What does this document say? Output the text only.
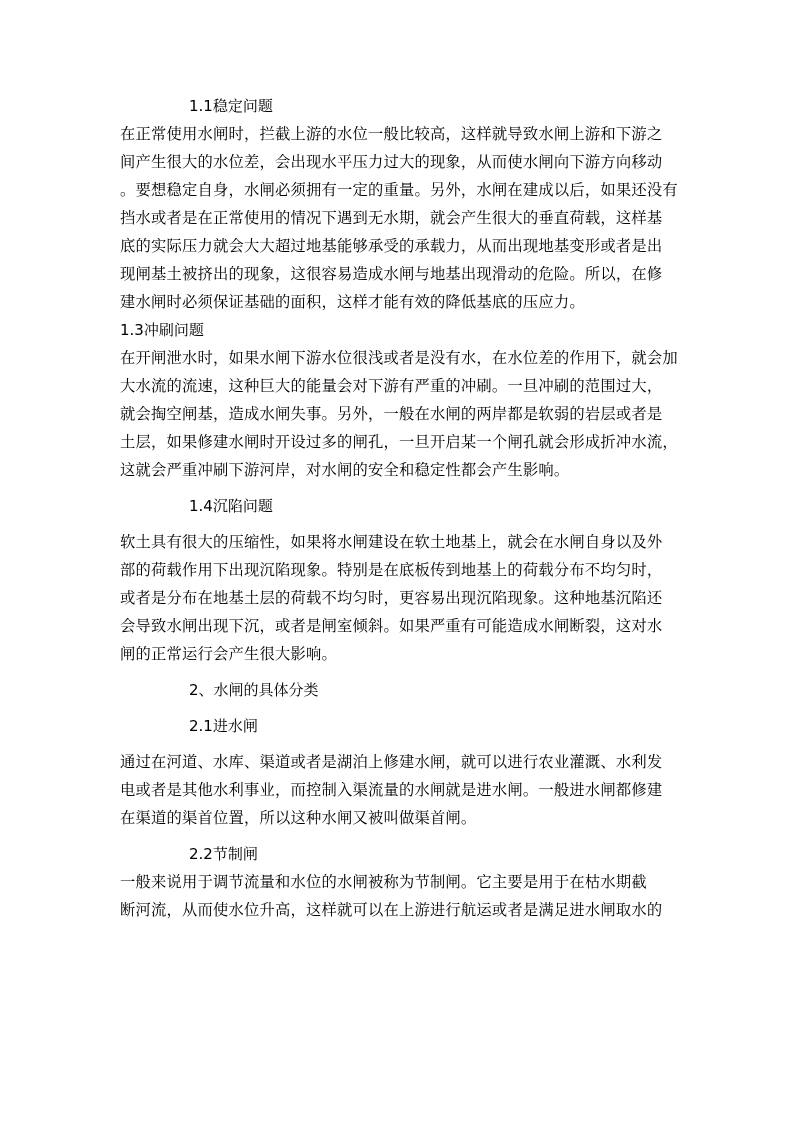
1.1稳定问题
在正常使用水闸时，拦截上游的水位一般比较高，这样就导致水闸上游和下游之
间产生很大的水位差，会出现水平压力过大的现象，从而使水闸向下游方向移动
。要想稳定自身，水闸必须拥有一定的重量。另外，水闸在建成以后，如果还没有
挡水或者是在正常使用的情况下遇到无水期，就会产生很大的垂直荷载，这样基
底的实际压力就会大大超过地基能够承受的承载力，从而出现地基变形或者是出
现闸基土被挤出的现象，这很容易造成水闸与地基出现滑动的危险。所以，在修
建水闸时必须保证基础的面积，这样才能有效的降低基底的压应力。
1.3冲刷问题
在开闸泄水时，如果水闸下游水位很浅或者是没有水，在水位差的作用下，就会加
大水流的流速，这种巨大的能量会对下游有严重的冲刷。一旦冲刷的范围过大，
就会掏空闸基，造成水闸失事。另外，一般在水闸的两岸都是软弱的岩层或者是
土层，如果修建水闸时开设过多的闸孔，一旦开启某一个闸孔就会形成折冲水流，
这就会严重冲刷下游河岸，对水闸的安全和稳定性都会产生影响。
1.4沉陷问题
软土具有很大的压缩性，如果将水闸建设在软土地基上，就会在水闸自身以及外
部的荷载作用下出现沉陷现象。特别是在底板传到地基上的荷载分布不均匀时，
或者是分布在地基土层的荷载不均匀时，更容易出现沉陷现象。这种地基沉陷还
会导致水闸出现下沉，或者是闸室倾斜。如果严重有可能造成水闸断裂，这对水
闸的正常运行会产生很大影响。
2、水闸的具体分类
2.1进水闸
通过在河道、水库、渠道或者是湖泊上修建水闸，就可以进行农业灌溉、水利发
电或者是其他水利事业，而控制入渠流量的水闸就是进水闸。一般进水闸都修建
在渠道的渠首位置，所以这种水闸又被叫做渠首闸。
2.2节制闸
一般来说用于调节流量和水位的水闸被称为节制闸。它主要是用于在枯水期截
断河流，从而使水位升高，这样就可以在上游进行航运或者是满足进水闸取水的
